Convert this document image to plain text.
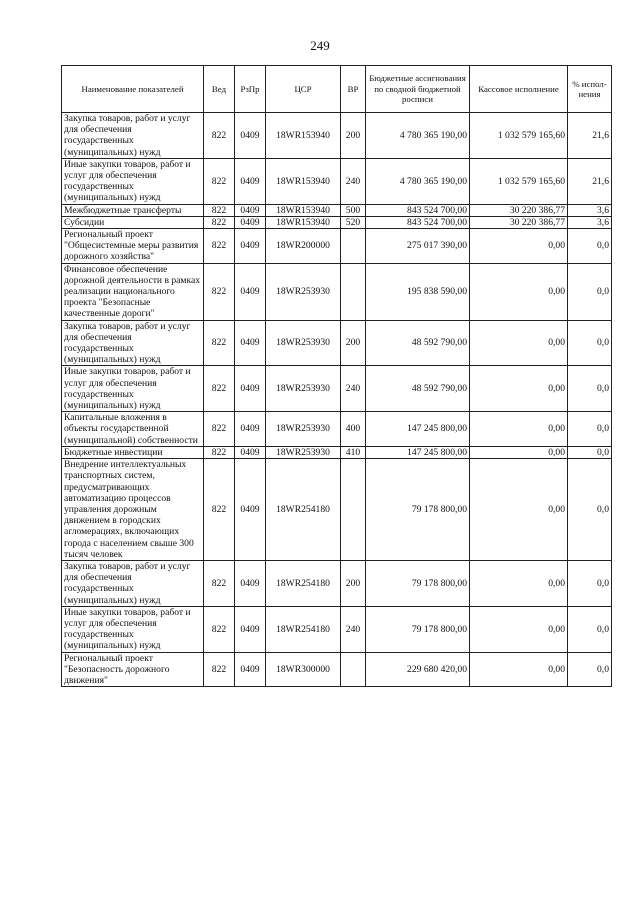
249
Наименование показателей	Вед	РзПр	ЦСР	ВР	Бюджетные ассигнования по сводной бюджетной росписи	Кассовое исполнение	% испол- нения
Закупка товаров, работ и услуг для обеспечения государственных (муниципальных) нужд	822	0409	18WR153940	200	4 780 365 190,00	1 032 579 165,60	21,6
Иные закупки товаров, работ и услуг для обеспечения государственных (муниципальных) нужд	822	0409	18WR153940	240	4 780 365 190,00	1 032 579 165,60	21,6
Межбюджетные трансферты	822	0409	18WR153940	500	843 524 700,00	30 220 386,77	3,6
Субсидии	822	0409	18WR153940	520	843 524 700,00	30 220 386,77	3,6
Региональный проект "Общесистемные меры развития дорожного хозяйства"	822	0409	18WR200000		275 017 390,00	0,00	0,0
Финансовое обеспечение дорожной деятельности в рамках реализации национального проекта "Безопасные качественные дороги"	822	0409	18WR253930		195 838 590,00	0,00	0,0
Закупка товаров, работ и услуг для обеспечения государственных (муниципальных) нужд	822	0409	18WR253930	200	48 592 790,00	0,00	0,0
Иные закупки товаров, работ и услуг для обеспечения государственных (муниципальных) нужд	822	0409	18WR253930	240	48 592 790,00	0,00	0,0
Капитальные вложения в объекты государственной (муниципальной) собственности	822	0409	18WR253930	400	147 245 800,00	0,00	0,0
Бюджетные инвестиции	822	0409	18WR253930	410	147 245 800,00	0,00	0,0
Внедрение интеллектуальных транспортных систем, предусматривающих автоматизацию процессов управления дорожным движением в городских агломерациях, включающих города с населением свыше 300 тысяч человек	822	0409	18WR254180		79 178 800,00	0,00	0,0
Закупка товаров, работ и услуг для обеспечения государственных (муниципальных) нужд	822	0409	18WR254180	200	79 178 800,00	0,00	0,0
Иные закупки товаров, работ и услуг для обеспечения государственных (муниципальных) нужд	822	0409	18WR254180	240	79 178 800,00	0,00	0,0
Региональный проект "Безопасность дорожного движения"	822	0409	18WR300000		229 680 420,00	0,00	0,0
